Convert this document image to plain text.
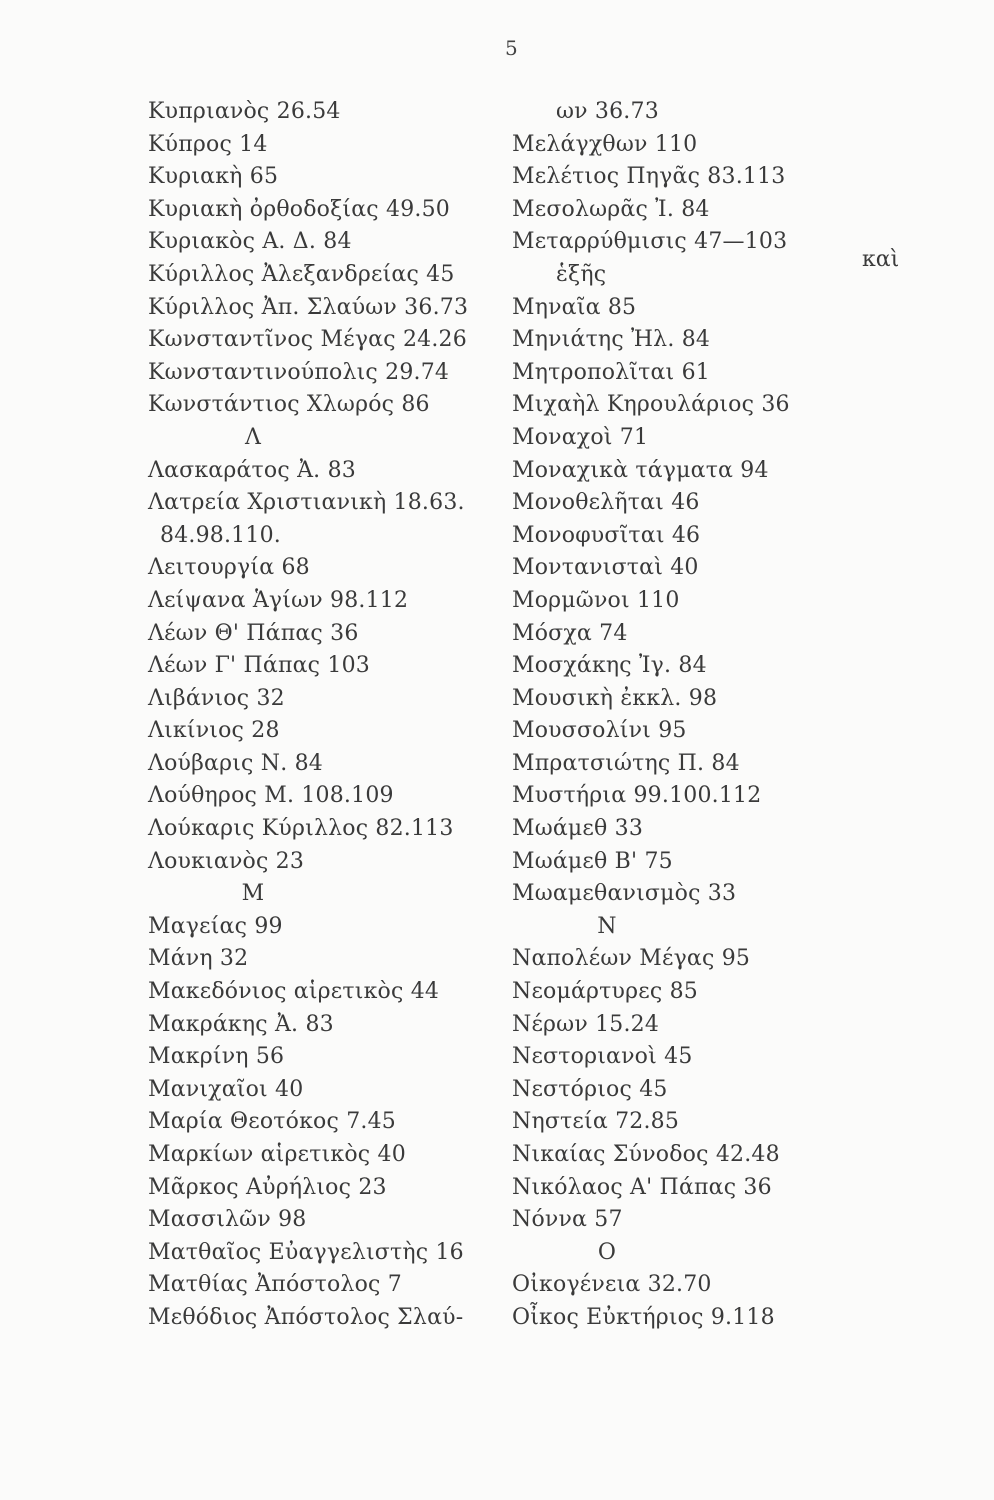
5
Κυπριανὸς 26.54
Κύπρος 14
Κυριακὴ 65
Κυριακὴ ὀρθοδοξίας 49.50
Κυριακὸς Α. Δ. 84
Κύριλλος Ἀλεξανδρείας 45
Κύριλλος Ἀπ. Σλαύων 36.73
Κωνσταντῖνος Μέγας 24.26
Κωνσταντινούπολις 29.74
Κωνστάντιος Χλωρός 86
Λ
Λασκαράτος Ἀ. 83
Λατρεία Χριστιανικὴ 18.63.
84.98.110.
Λειτουργία 68
Λείψανα Ἁγίων 98.112
Λέων Θ' Πάπας 36
Λέων Γ' Πάπας 103
Λιβάνιος 32
Λικίνιος 28
Λούβαρις Ν. 84
Λούθηρος Μ. 108.109
Λούκαρις Κύριλλος 82.113
Λουκιανὸς 23
Μ
Μαγείας 99
Μάνη 32
Μακεδόνιος αἱρετικὸς 44
Μακράκης Ἀ. 83
Μακρίνη 56
Μανιχαῖοι 40
Μαρία Θεοτόκος 7.45
Μαρκίων αἱρετικὸς 40
Μᾶρκος Αὐρήλιος 23
Μασσιλῶν 98
Ματθαῖος Εὐαγγελιστὴς 16
Ματθίας Ἀπόστολος 7
Μεθόδιος Ἀπόστολος Σλαύ-
ων 36.73
Μελάγχθων 110
Μελέτιος Πηγᾶς 83.113
Μεσολωρᾶς Ἰ. 84
Μεταρρύθμισις 47—103
ἑξῆς
Μηναῖα 85
Μηνιάτης Ἠλ. 84
Μητροπολῖται 61
Μιχαὴλ Κηρουλάριος 36
Μοναχοὶ 71
Μοναχικὰ τάγματα 94
Μονοθελῆται 46
Μονοφυσῖται 46
Μοντανισταὶ 40
Μορμῶνοι 110
Μόσχα 74
Μοσχάκης Ἰγ. 84
Μουσικὴ ἐκκλ. 98
Μουσσολίνι 95
Μπρατσιώτης Π. 84
Μυστήρια 99.100.112
Μωάμεθ 33
Μωάμεθ Β' 75
Μωαμεθανισμὸς 33
Ν
Ναπολέων Μέγας 95
Νεομάρτυρες 85
Νέρων 15.24
Νεστοριανοὶ 45
Νεστόριος 45
Νηστεία 72.85
Νικαίας Σύνοδος 42.48
Νικόλαος Α' Πάπας 36
Νόννα 57
Ο
Οἰκογένεια 32.70
Οἶκος Εὐκτήριος 9.118
καὶ
